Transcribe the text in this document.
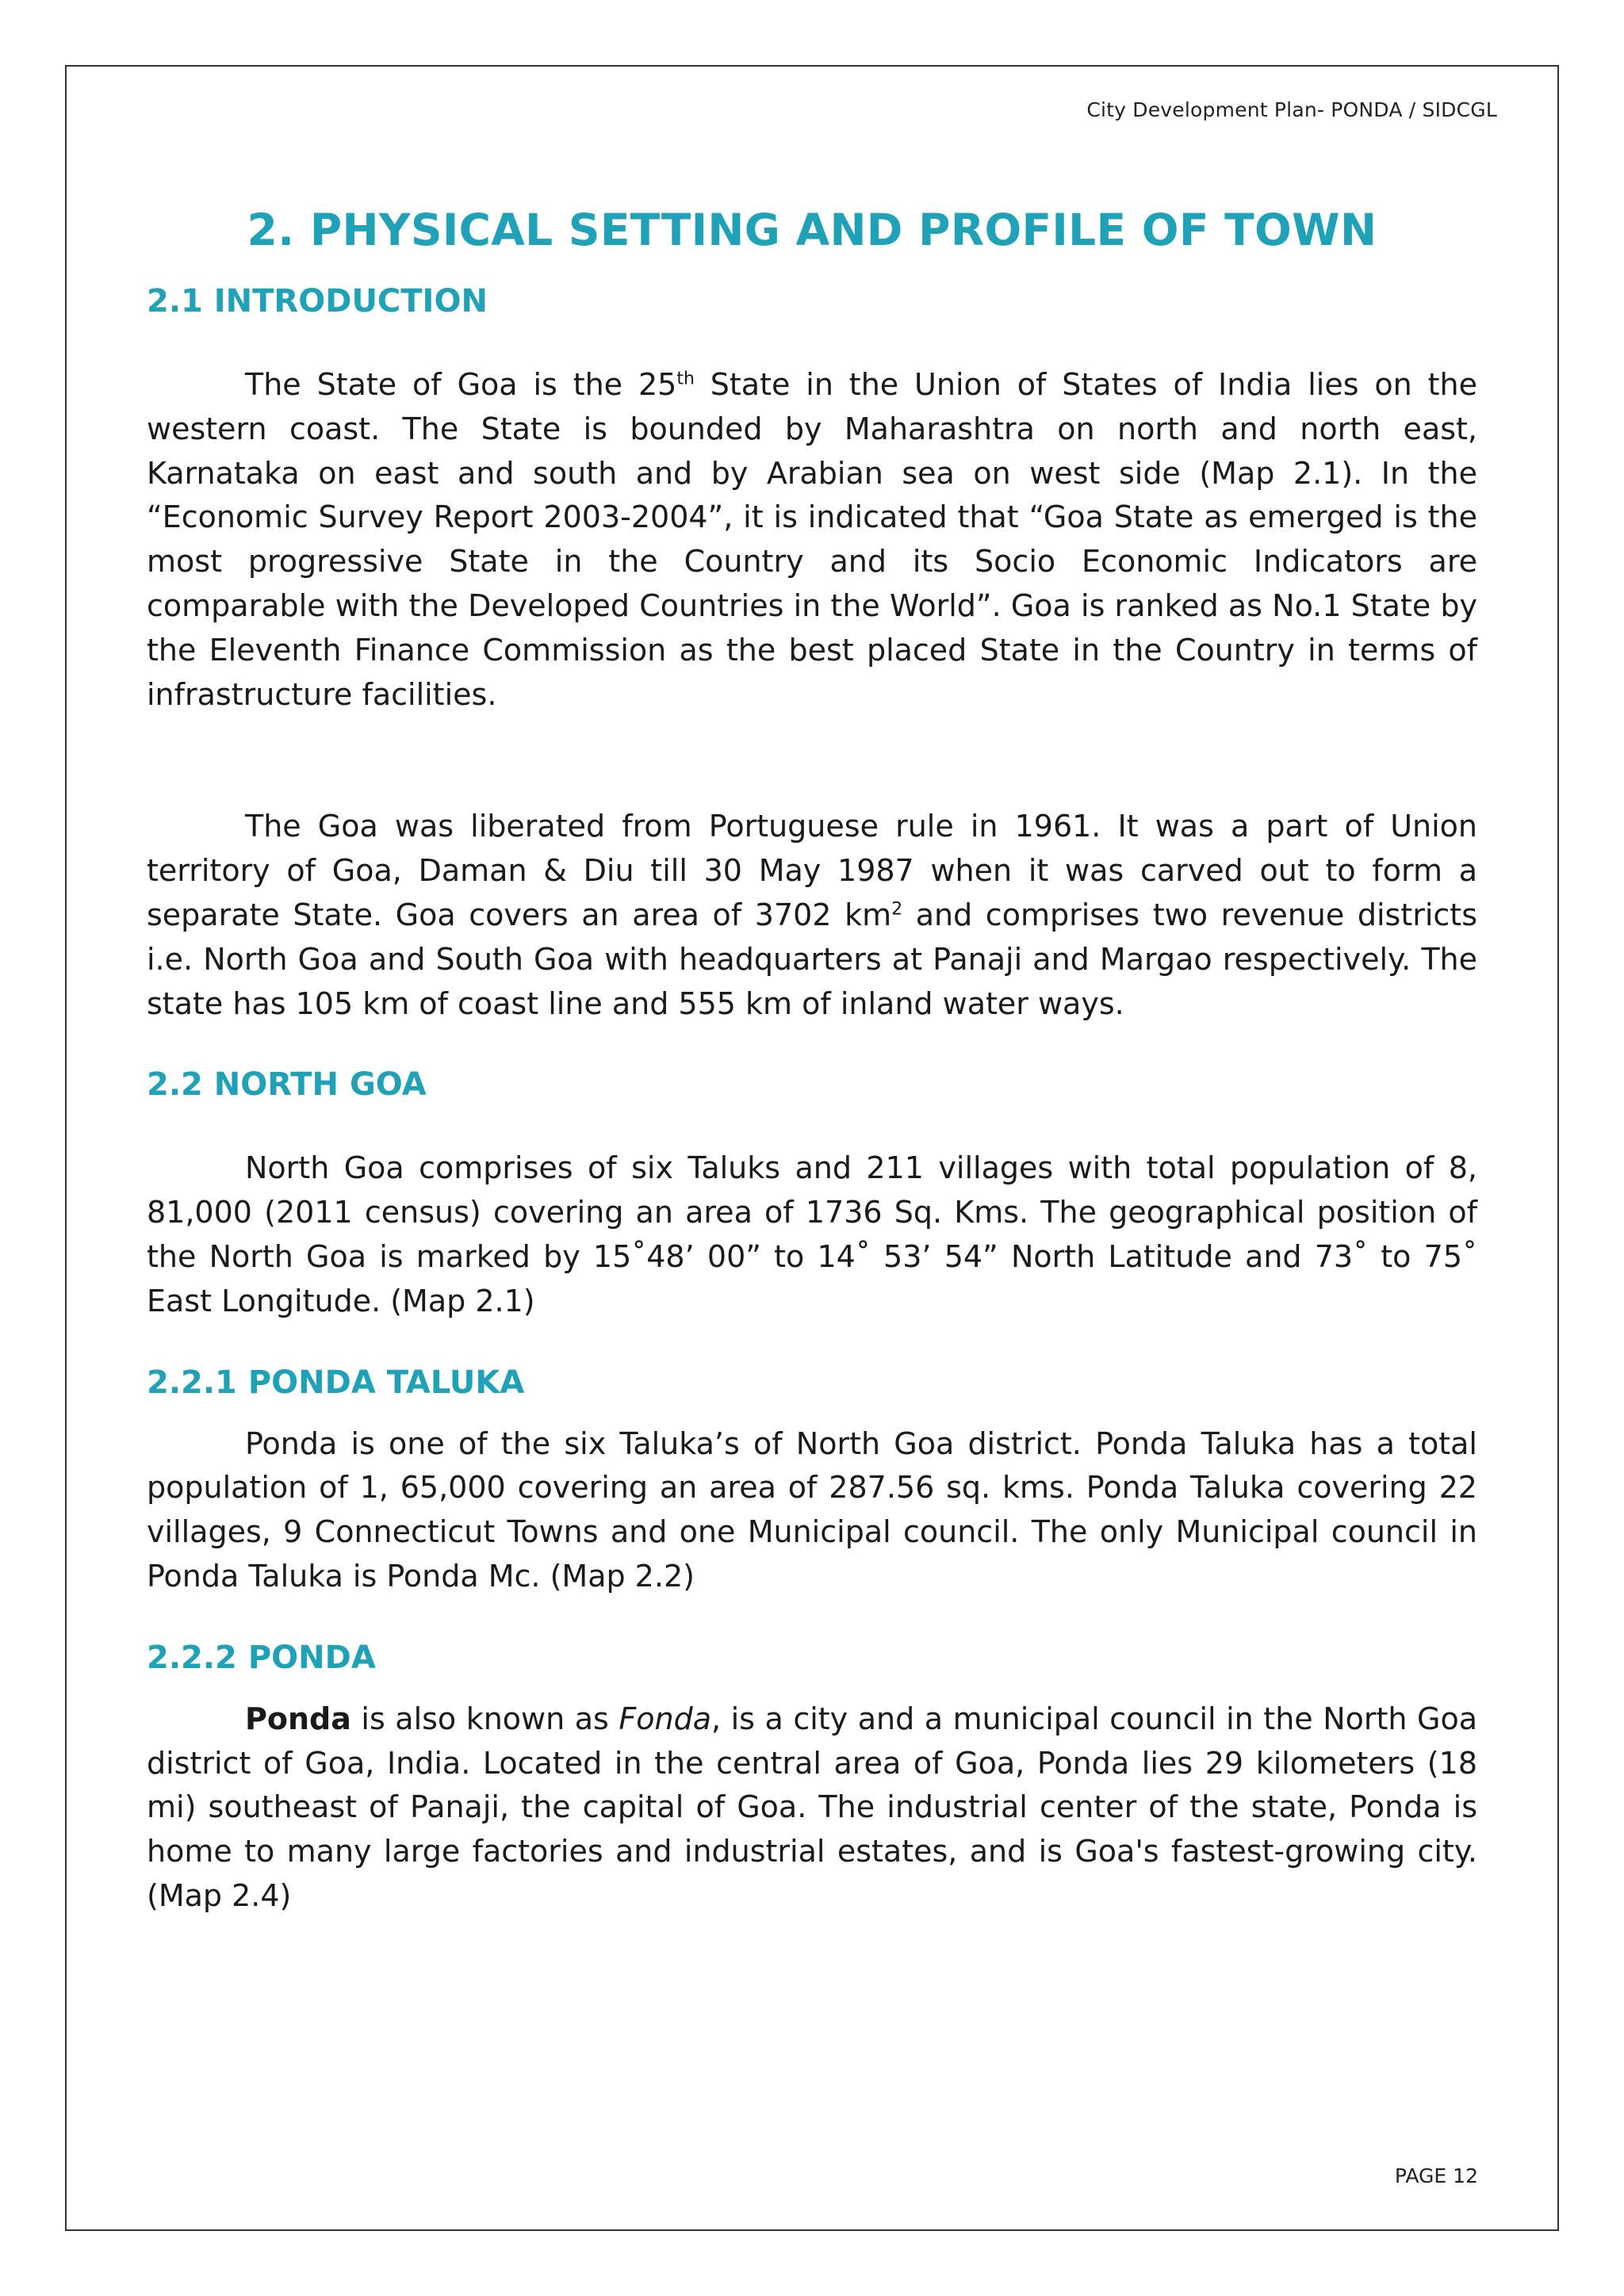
City Development Plan- PONDA / SIDCGL
2. PHYSICAL SETTING AND PROFILE OF TOWN
2.1 INTRODUCTION

The State of Goa is the 25th State in the Union of States of India lies on the western coast. The State is bounded by Maharashtra on north and north east, Karnataka on east and south and by Arabian sea on west side (Map 2.1). In the “Economic Survey Report 2003-2004”, it is indicated that “Goa State as emerged is the most progressive State in the Country and its Socio Economic Indicators are comparable with the Developed Countries in the World”. Goa is ranked as No.1 State by the Eleventh Finance Commission as the best placed State in the Country in terms of infrastructure facilities.

The Goa was liberated from Portuguese rule in 1961. It was a part of Union territory of Goa, Daman & Diu till 30 May 1987 when it was carved out to form a separate State. Goa covers an area of 3702 $km^2$ and comprises two revenue districts i.e. North Goa and South Goa with headquarters at Panaji and Margao respectively. The state has 105 km of coast line and 555 km of inland water ways.

2.2 NORTH GOA

North Goa comprises of six Taluks and 211 villages with total population of 8, 81,000 (2011 census) covering an area of 1736 Sq. Kms. The geographical position of the North Goa is marked by 15˚48’ 00” to 14˚ 53’ 54” North Latitude and 73˚ to 75˚ East Longitude. (Map 2.1)

2.2.1 PONDA TALUKA

Ponda is one of the six Taluka’s of North Goa district. Ponda Taluka has a total population of 1, 65,000 covering an area of 287.56 sq. kms. Ponda Taluka covering 22 villages, 9 Connecticut Towns and one Municipal council. The only Municipal council in Ponda Taluka is Ponda Mc. (Map 2.2)

2.2.2 PONDA

Ponda is also known as Fonda, is a city and a municipal council in the North Goa district of Goa, India. Located in the central area of Goa, Ponda lies 29 kilometers (18 mi) southeast of Panaji, the capital of Goa. The industrial center of the state, Ponda is home to many large factories and industrial estates, and is Goa's fastest-growing city. (Map 2.4)

PAGE 12
